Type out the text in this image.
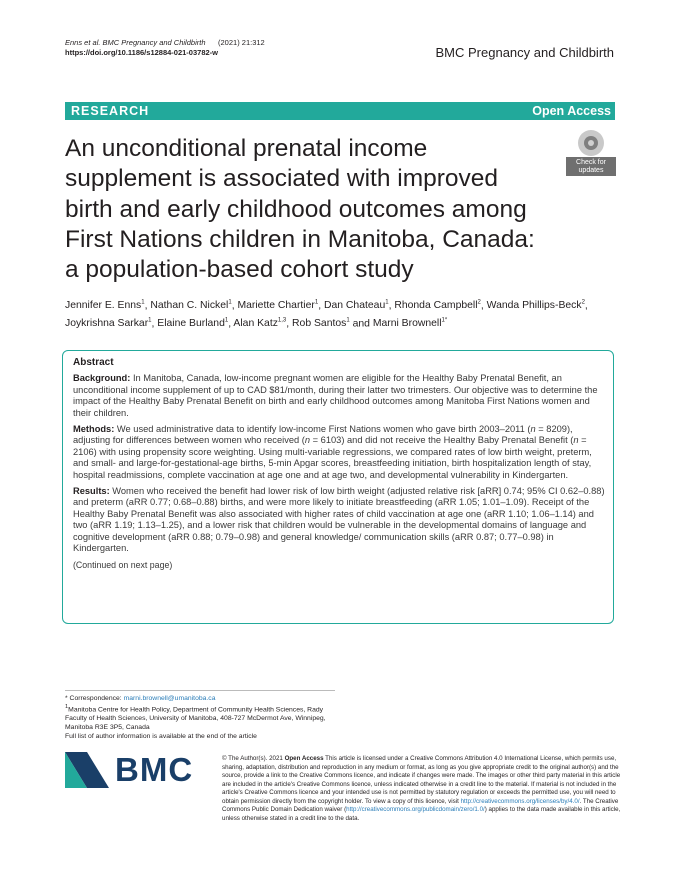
Enns et al. BMC Pregnancy and Childbirth (2021) 21:312
https://doi.org/10.1186/s12884-021-03782-w	BMC Pregnancy and Childbirth
RESEARCH	Open Access
An unconditional prenatal income
supplement is associated with improved
birth and early childhood outcomes among
First Nations children in Manitoba, Canada:
a population-based cohort study
Check for
updates
Jennifer E. Enns$^1$, Nathan C. Nickel$^1$, Mariette Chartier$^1$, Dan Chateau$^1$, Rhonda Campbell$^2$, Wanda Phillips-Beck$^2$,
Joykrishna Sarkar$^1$, Elaine Burland$^1$, Alan Katz$^{1,3}$, Rob Santos$^1$ and Marni Brownell$^{1*}$
Abstract

Background: In Manitoba, Canada, low-income pregnant women are eligible for the Healthy Baby Prenatal Benefit, an unconditional income supplement of up to CAD $81/month, during their latter two trimesters. Our objective was to determine the impact of the Healthy Baby Prenatal Benefit on birth and early childhood outcomes among Manitoba First Nations women and their children.

Methods: We used administrative data to identify low-income First Nations women who gave birth 2003–2011 (n = 8209), adjusting for differences between women who received (n = 6103) and did not receive the Healthy Baby Prenatal Benefit (n = 2106) with using propensity score weighting. Using multi-variable regressions, we compared rates of low birth weight, preterm, and small- and large-for-gestational-age births, 5-min Apgar scores, breastfeeding initiation, birth hospitalization length of stay, hospital readmissions, complete vaccination at age one and at age two, and developmental vulnerability in Kindergarten.

Results: Women who received the benefit had lower risk of low birth weight (adjusted relative risk [aRR] 0.74; 95% CI 0.62–0.88) and preterm (aRR 0.77; 0.68–0.88) births, and were more likely to initiate breastfeeding (aRR 1.05; 1.01–1.09). Receipt of the Healthy Baby Prenatal Benefit was also associated with higher rates of child vaccination at age one (aRR 1.10; 1.06–1.14) and two (aRR 1.19; 1.13–1.25), and a lower risk that children would be vulnerable in the developmental domains of language and cognitive development (aRR 0.88; 0.79–0.98) and general knowledge/ communication skills (aRR 0.87; 0.77–0.98) in Kindergarten.

(Continued on next page)
* Correspondence: marni.brownell@umanitoba.ca
$^1$Manitoba Centre for Health Policy, Department of Community Health Sciences, Rady Faculty of Health Sciences, University of Manitoba, 408-727 McDermot Ave, Winnipeg, Manitoba R3E 3P5, Canada
Full list of author information is available at the end of the article
BMC	© The Author(s). 2021 Open Access This article is licensed under a Creative Commons Attribution 4.0 International License, which permits use, sharing, adaptation, distribution and reproduction in any medium or format, as long as you give appropriate credit to the original author(s) and the source, provide a link to the Creative Commons licence, and indicate if changes were made. The images or other third party material in this article are included in the article's Creative Commons licence, unless indicated otherwise in a credit line to the material. If material is not included in the article's Creative Commons licence and your intended use is not permitted by statutory regulation or exceeds the permitted use, you will need to obtain permission directly from the copyright holder. To view a copy of this licence, visit http://creativecommons.org/licenses/by/4.0/. The Creative Commons Public Domain Dedication waiver (http://creativecommons.org/publicdomain/zero/1.0/) applies to the data made available in this article, unless otherwise stated in a credit line to the data.
